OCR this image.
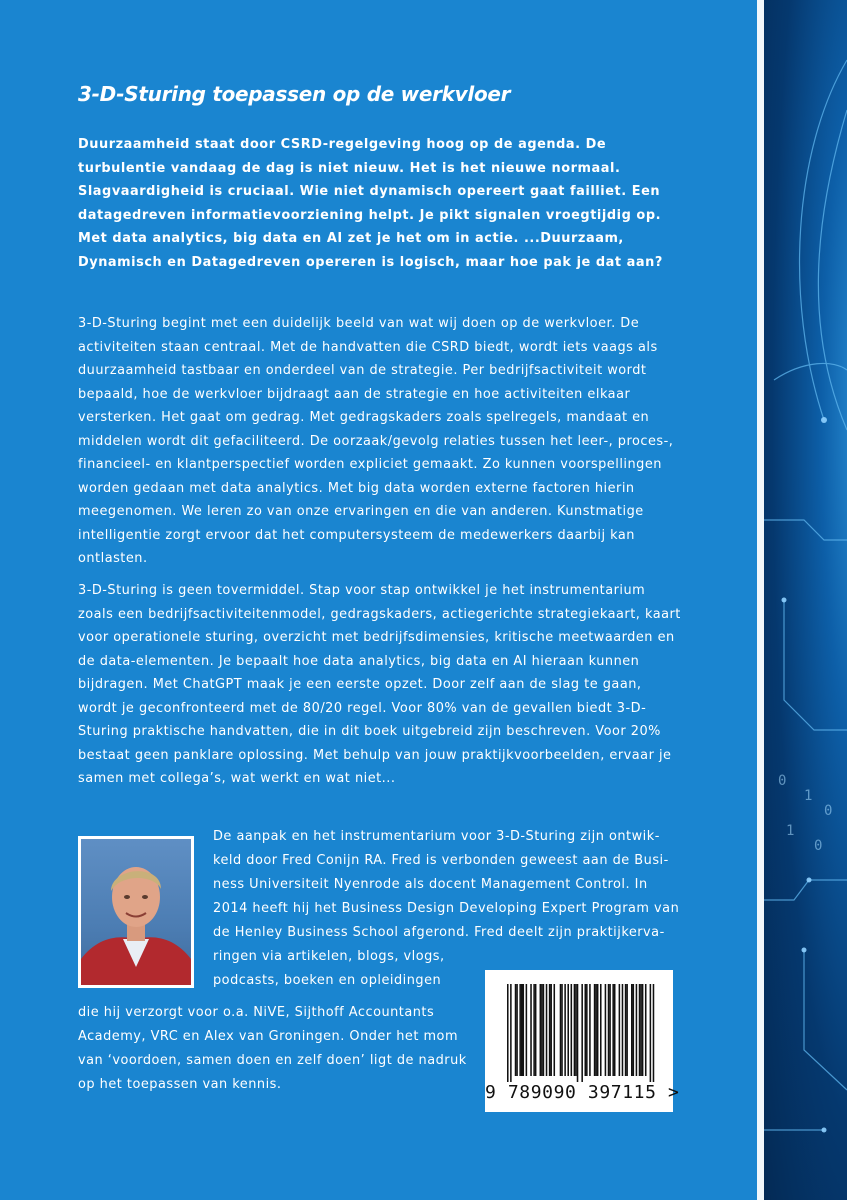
0
1
0
1
0
3-D-Sturing toepassen op de werkvloer

Duurzaamheid staat door CSRD-regelgeving hoog op de agenda. De turbulentie vandaag de dag is niet nieuw. Het is het nieuwe normaal. Slagvaardigheid is cruciaal. Wie niet dynamisch opereert gaat failliet. Een datagedreven informatievoorziening helpt. Je pikt signalen vroegtijdig op. Met data analytics, big data en AI zet je het om in actie. ...Duurzaam, Dynamisch en Datagedreven opereren is logisch, maar hoe pak je dat aan?

3-D-Sturing begint met een duidelijk beeld van wat wij doen op de werkvloer. De activiteiten staan centraal. Met de handvatten die CSRD biedt, wordt iets vaags als duurzaamheid tastbaar en onderdeel van de strategie. Per bedrijfsactiviteit wordt bepaald, hoe de werkvloer bijdraagt aan de strategie en hoe activiteiten elkaar versterken. Het gaat om gedrag. Met gedragskaders zoals spelregels, mandaat en middelen wordt dit gefaciliteerd. De oorzaak/gevolg relaties tussen het leer-, proces-, financieel- en klantperspectief worden expliciet gemaakt. Zo kunnen voorspellingen worden gedaan met data analytics. Met big data worden externe factoren hierin meegenomen. We leren zo van onze ervaringen en die van anderen. Kunstmatige intelligentie zorgt ervoor dat het computersysteem de medewerkers daarbij kan ontlasten.

3-D-Sturing is geen tovermiddel. Stap voor stap ontwikkel je het instrumentarium zoals een bedrijfsactiviteitenmodel, gedragskaders, actiegerichte strategiekaart, kaart voor operationele sturing, overzicht met bedrijfsdimensies, kritische meetwaarden en de data-elementen. Je bepaalt hoe data analytics, big data en AI hieraan kunnen bijdragen. Met ChatGPT maak je een eerste opzet. Door zelf aan de slag te gaan, wordt je geconfronteerd met de 80/20 regel. Voor 80% van de gevallen biedt 3-D-Sturing praktische handvatten, die in dit boek uitgebreid zijn beschreven. Voor 20% bestaat geen panklare oplossing. Met behulp van jouw praktijkvoorbeelden, ervaar je samen met collega’s, wat werkt en wat niet...

De aanpak en het instrumentarium voor 3-D-Sturing zijn ontwik-
keld door Fred Conijn RA. Fred is verbonden geweest aan de Busi-
ness Universiteit Nyenrode als docent Management Control. In
2014 heeft hij het Business Design Developing Expert Program van
de Henley Business School afgerond. Fred deelt zijn praktijkerva-
ringen via artikelen, blogs, vlogs,
podcasts, boeken en opleidingen
die hij verzorgt voor o.a. NiVE, Sijthoff Accountants
Academy, VRC en Alex van Groningen. Onder het mom
van ‘voordoen, samen doen en zelf doen’ ligt de nadruk
op het toepassen van kennis.	9 789090 397115 >
